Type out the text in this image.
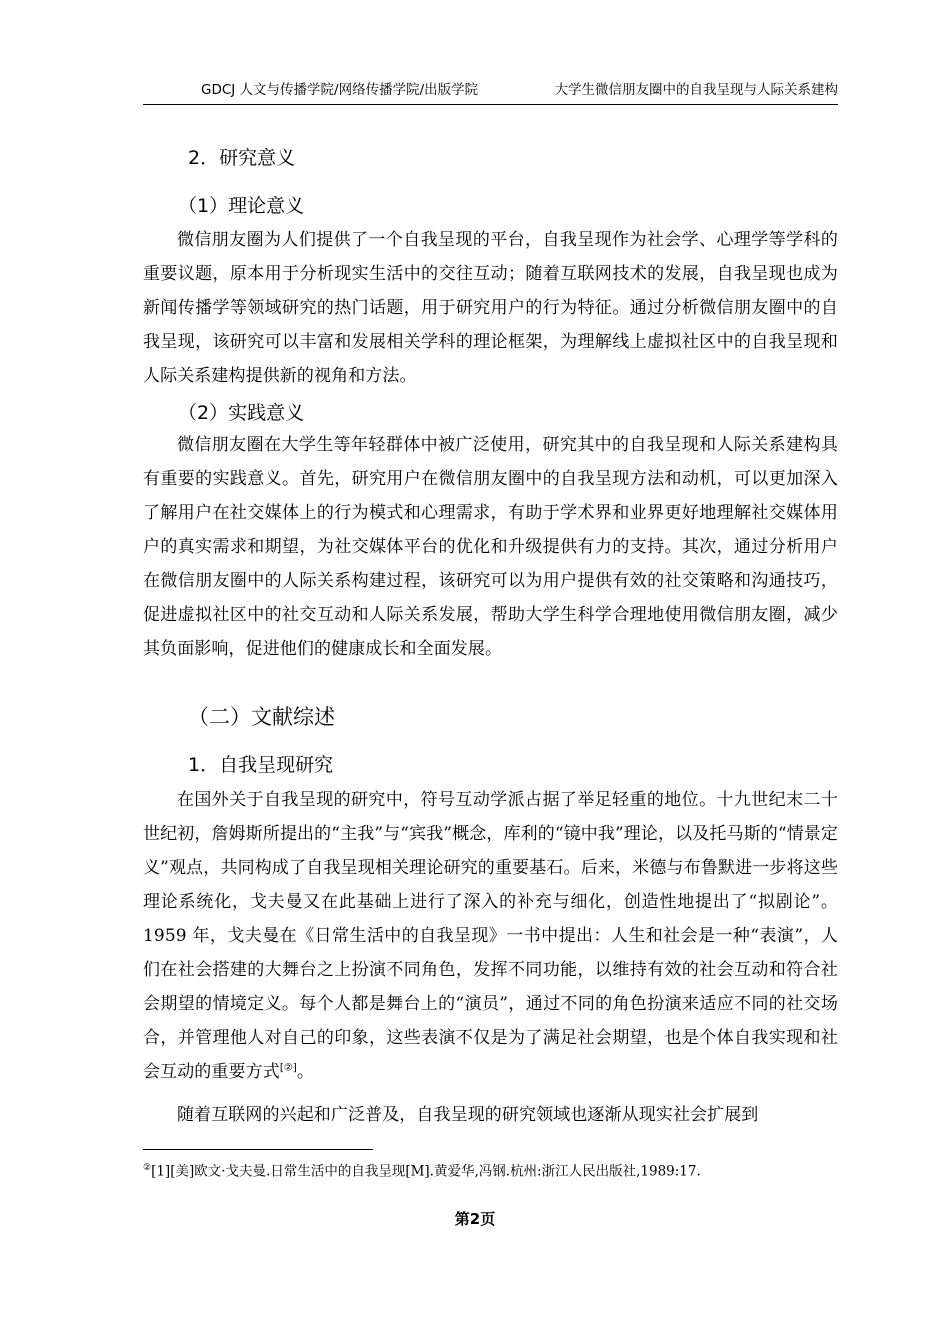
GDCJ 人文与传播学院/网络传播学院/出版学院	大学生微信朋友圈中的自我呈现与人际关系建构
2．研究意义
（1）理论意义
微信朋友圈为人们提供了一个自我呈现的平台，自我呈现作为社会学、心理学等学科的重要议题，原本用于分析现实生活中的交往互动；随着互联网技术的发展，自我呈现也成为新闻传播学等领域研究的热门话题，用于研究用户的行为特征。通过分析微信朋友圈中的自我呈现，该研究可以丰富和发展相关学科的理论框架，为理解线上虚拟社区中的自我呈现和人际关系建构提供新的视角和方法。
（2）实践意义
微信朋友圈在大学生等年轻群体中被广泛使用，研究其中的自我呈现和人际关系建构具有重要的实践意义。首先，研究用户在微信朋友圈中的自我呈现方法和动机，可以更加深入了解用户在社交媒体上的行为模式和心理需求，有助于学术界和业界更好地理解社交媒体用户的真实需求和期望，为社交媒体平台的优化和升级提供有力的支持。其次，通过分析用户在微信朋友圈中的人际关系构建过程，该研究可以为用户提供有效的社交策略和沟通技巧，促进虚拟社区中的社交互动和人际关系发展，帮助大学生科学合理地使用微信朋友圈，减少其负面影响，促进他们的健康成长和全面发展。
（二）文献综述
1．自我呈现研究
在国外关于自我呈现的研究中，符号互动学派占据了举足轻重的地位。十九世纪末二十世纪初，詹姆斯所提出的“主我”与“宾我”概念，库利的“镜中我”理论，以及托马斯的“情景定义”观点，共同构成了自我呈现相关理论研究的重要基石。后来，米德与布鲁默进一步将这些理论系统化，戈夫曼又在此基础上进行了深入的补充与细化，创造性地提出了“拟剧论”。1959 年，戈夫曼在《日常生活中的自我呈现》一书中提出：人生和社会是一种“表演”，人们在社会搭建的大舞台之上扮演不同角色，发挥不同功能，以维持有效的社会互动和符合社会期望的情境定义。每个人都是舞台上的“演员”，通过不同的角色扮演来适应不同的社交场合，并管理他人对自己的印象，这些表演不仅是为了满足社会期望，也是个体自我实现和社会互动的重要方式[②]。
随着互联网的兴起和广泛普及，自我呈现的研究领域也逐渐从现实社会扩展到
②[1][美]欧文·戈夫曼.日常生活中的自我呈现[M].黄爱华,冯钢.杭州:浙江人民出版社,1989:17.
第2页
